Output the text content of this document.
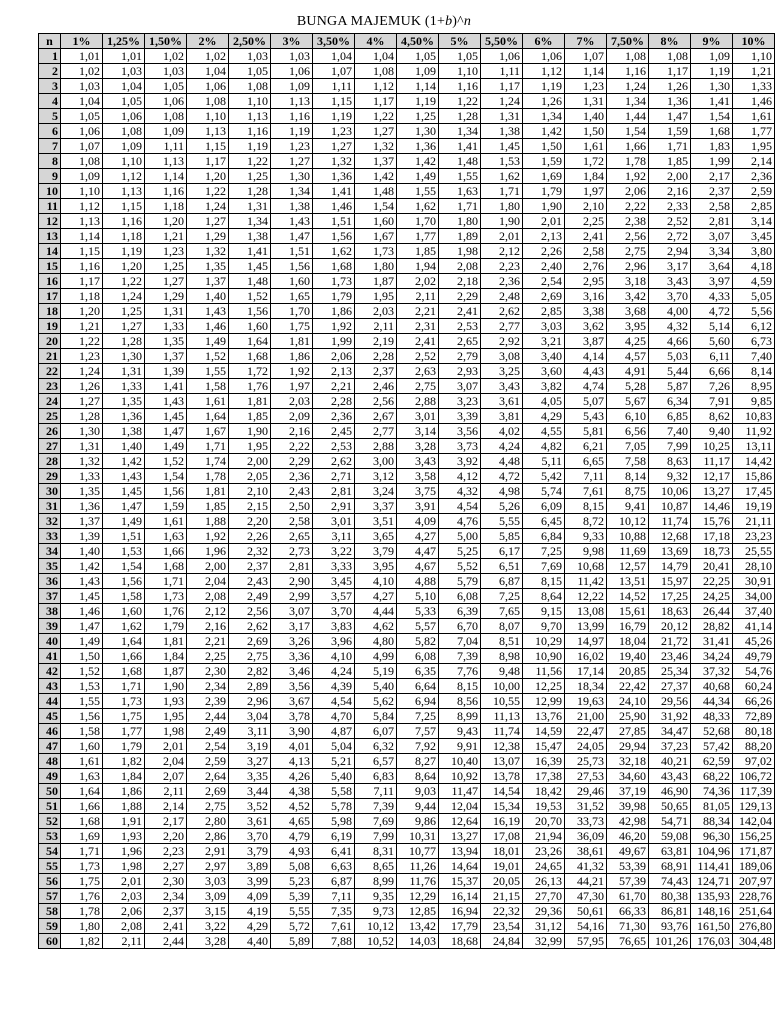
BUNGA MAJEMUK (1+b)^n
n	1%	1,25%	1,50%	2%	2,50%	3%	3,50%	4%	4,50%	5%	5,50%	6%	7%	7,50%	8%	9%	10%
1	1,01	1,01	1,02	1,02	1,03	1,03	1,04	1,04	1,05	1,05	1,06	1,06	1,07	1,08	1,08	1,09	1,10
2	1,02	1,03	1,03	1,04	1,05	1,06	1,07	1,08	1,09	1,10	1,11	1,12	1,14	1,16	1,17	1,19	1,21
3	1,03	1,04	1,05	1,06	1,08	1,09	1,11	1,12	1,14	1,16	1,17	1,19	1,23	1,24	1,26	1,30	1,33
4	1,04	1,05	1,06	1,08	1,10	1,13	1,15	1,17	1,19	1,22	1,24	1,26	1,31	1,34	1,36	1,41	1,46
5	1,05	1,06	1,08	1,10	1,13	1,16	1,19	1,22	1,25	1,28	1,31	1,34	1,40	1,44	1,47	1,54	1,61
6	1,06	1,08	1,09	1,13	1,16	1,19	1,23	1,27	1,30	1,34	1,38	1,42	1,50	1,54	1,59	1,68	1,77
7	1,07	1,09	1,11	1,15	1,19	1,23	1,27	1,32	1,36	1,41	1,45	1,50	1,61	1,66	1,71	1,83	1,95
8	1,08	1,10	1,13	1,17	1,22	1,27	1,32	1,37	1,42	1,48	1,53	1,59	1,72	1,78	1,85	1,99	2,14
9	1,09	1,12	1,14	1,20	1,25	1,30	1,36	1,42	1,49	1,55	1,62	1,69	1,84	1,92	2,00	2,17	2,36
10	1,10	1,13	1,16	1,22	1,28	1,34	1,41	1,48	1,55	1,63	1,71	1,79	1,97	2,06	2,16	2,37	2,59
11	1,12	1,15	1,18	1,24	1,31	1,38	1,46	1,54	1,62	1,71	1,80	1,90	2,10	2,22	2,33	2,58	2,85
12	1,13	1,16	1,20	1,27	1,34	1,43	1,51	1,60	1,70	1,80	1,90	2,01	2,25	2,38	2,52	2,81	3,14
13	1,14	1,18	1,21	1,29	1,38	1,47	1,56	1,67	1,77	1,89	2,01	2,13	2,41	2,56	2,72	3,07	3,45
14	1,15	1,19	1,23	1,32	1,41	1,51	1,62	1,73	1,85	1,98	2,12	2,26	2,58	2,75	2,94	3,34	3,80
15	1,16	1,20	1,25	1,35	1,45	1,56	1,68	1,80	1,94	2,08	2,23	2,40	2,76	2,96	3,17	3,64	4,18
16	1,17	1,22	1,27	1,37	1,48	1,60	1,73	1,87	2,02	2,18	2,36	2,54	2,95	3,18	3,43	3,97	4,59
17	1,18	1,24	1,29	1,40	1,52	1,65	1,79	1,95	2,11	2,29	2,48	2,69	3,16	3,42	3,70	4,33	5,05
18	1,20	1,25	1,31	1,43	1,56	1,70	1,86	2,03	2,21	2,41	2,62	2,85	3,38	3,68	4,00	4,72	5,56
19	1,21	1,27	1,33	1,46	1,60	1,75	1,92	2,11	2,31	2,53	2,77	3,03	3,62	3,95	4,32	5,14	6,12
20	1,22	1,28	1,35	1,49	1,64	1,81	1,99	2,19	2,41	2,65	2,92	3,21	3,87	4,25	4,66	5,60	6,73
21	1,23	1,30	1,37	1,52	1,68	1,86	2,06	2,28	2,52	2,79	3,08	3,40	4,14	4,57	5,03	6,11	7,40
22	1,24	1,31	1,39	1,55	1,72	1,92	2,13	2,37	2,63	2,93	3,25	3,60	4,43	4,91	5,44	6,66	8,14
23	1,26	1,33	1,41	1,58	1,76	1,97	2,21	2,46	2,75	3,07	3,43	3,82	4,74	5,28	5,87	7,26	8,95
24	1,27	1,35	1,43	1,61	1,81	2,03	2,28	2,56	2,88	3,23	3,61	4,05	5,07	5,67	6,34	7,91	9,85
25	1,28	1,36	1,45	1,64	1,85	2,09	2,36	2,67	3,01	3,39	3,81	4,29	5,43	6,10	6,85	8,62	10,83
26	1,30	1,38	1,47	1,67	1,90	2,16	2,45	2,77	3,14	3,56	4,02	4,55	5,81	6,56	7,40	9,40	11,92
27	1,31	1,40	1,49	1,71	1,95	2,22	2,53	2,88	3,28	3,73	4,24	4,82	6,21	7,05	7,99	10,25	13,11
28	1,32	1,42	1,52	1,74	2,00	2,29	2,62	3,00	3,43	3,92	4,48	5,11	6,65	7,58	8,63	11,17	14,42
29	1,33	1,43	1,54	1,78	2,05	2,36	2,71	3,12	3,58	4,12	4,72	5,42	7,11	8,14	9,32	12,17	15,86
30	1,35	1,45	1,56	1,81	2,10	2,43	2,81	3,24	3,75	4,32	4,98	5,74	7,61	8,75	10,06	13,27	17,45
31	1,36	1,47	1,59	1,85	2,15	2,50	2,91	3,37	3,91	4,54	5,26	6,09	8,15	9,41	10,87	14,46	19,19
32	1,37	1,49	1,61	1,88	2,20	2,58	3,01	3,51	4,09	4,76	5,55	6,45	8,72	10,12	11,74	15,76	21,11
33	1,39	1,51	1,63	1,92	2,26	2,65	3,11	3,65	4,27	5,00	5,85	6,84	9,33	10,88	12,68	17,18	23,23
34	1,40	1,53	1,66	1,96	2,32	2,73	3,22	3,79	4,47	5,25	6,17	7,25	9,98	11,69	13,69	18,73	25,55
35	1,42	1,54	1,68	2,00	2,37	2,81	3,33	3,95	4,67	5,52	6,51	7,69	10,68	12,57	14,79	20,41	28,10
36	1,43	1,56	1,71	2,04	2,43	2,90	3,45	4,10	4,88	5,79	6,87	8,15	11,42	13,51	15,97	22,25	30,91
37	1,45	1,58	1,73	2,08	2,49	2,99	3,57	4,27	5,10	6,08	7,25	8,64	12,22	14,52	17,25	24,25	34,00
38	1,46	1,60	1,76	2,12	2,56	3,07	3,70	4,44	5,33	6,39	7,65	9,15	13,08	15,61	18,63	26,44	37,40
39	1,47	1,62	1,79	2,16	2,62	3,17	3,83	4,62	5,57	6,70	8,07	9,70	13,99	16,79	20,12	28,82	41,14
40	1,49	1,64	1,81	2,21	2,69	3,26	3,96	4,80	5,82	7,04	8,51	10,29	14,97	18,04	21,72	31,41	45,26
41	1,50	1,66	1,84	2,25	2,75	3,36	4,10	4,99	6,08	7,39	8,98	10,90	16,02	19,40	23,46	34,24	49,79
42	1,52	1,68	1,87	2,30	2,82	3,46	4,24	5,19	6,35	7,76	9,48	11,56	17,14	20,85	25,34	37,32	54,76
43	1,53	1,71	1,90	2,34	2,89	3,56	4,39	5,40	6,64	8,15	10,00	12,25	18,34	22,42	27,37	40,68	60,24
44	1,55	1,73	1,93	2,39	2,96	3,67	4,54	5,62	6,94	8,56	10,55	12,99	19,63	24,10	29,56	44,34	66,26
45	1,56	1,75	1,95	2,44	3,04	3,78	4,70	5,84	7,25	8,99	11,13	13,76	21,00	25,90	31,92	48,33	72,89
46	1,58	1,77	1,98	2,49	3,11	3,90	4,87	6,07	7,57	9,43	11,74	14,59	22,47	27,85	34,47	52,68	80,18
47	1,60	1,79	2,01	2,54	3,19	4,01	5,04	6,32	7,92	9,91	12,38	15,47	24,05	29,94	37,23	57,42	88,20
48	1,61	1,82	2,04	2,59	3,27	4,13	5,21	6,57	8,27	10,40	13,07	16,39	25,73	32,18	40,21	62,59	97,02
49	1,63	1,84	2,07	2,64	3,35	4,26	5,40	6,83	8,64	10,92	13,78	17,38	27,53	34,60	43,43	68,22	106,72
50	1,64	1,86	2,11	2,69	3,44	4,38	5,58	7,11	9,03	11,47	14,54	18,42	29,46	37,19	46,90	74,36	117,39
51	1,66	1,88	2,14	2,75	3,52	4,52	5,78	7,39	9,44	12,04	15,34	19,53	31,52	39,98	50,65	81,05	129,13
52	1,68	1,91	2,17	2,80	3,61	4,65	5,98	7,69	9,86	12,64	16,19	20,70	33,73	42,98	54,71	88,34	142,04
53	1,69	1,93	2,20	2,86	3,70	4,79	6,19	7,99	10,31	13,27	17,08	21,94	36,09	46,20	59,08	96,30	156,25
54	1,71	1,96	2,23	2,91	3,79	4,93	6,41	8,31	10,77	13,94	18,01	23,26	38,61	49,67	63,81	104,96	171,87
55	1,73	1,98	2,27	2,97	3,89	5,08	6,63	8,65	11,26	14,64	19,01	24,65	41,32	53,39	68,91	114,41	189,06
56	1,75	2,01	2,30	3,03	3,99	5,23	6,87	8,99	11,76	15,37	20,05	26,13	44,21	57,39	74,43	124,71	207,97
57	1,76	2,03	2,34	3,09	4,09	5,39	7,11	9,35	12,29	16,14	21,15	27,70	47,30	61,70	80,38	135,93	228,76
58	1,78	2,06	2,37	3,15	4,19	5,55	7,35	9,73	12,85	16,94	22,32	29,36	50,61	66,33	86,81	148,16	251,64
59	1,80	2,08	2,41	3,22	4,29	5,72	7,61	10,12	13,42	17,79	23,54	31,12	54,16	71,30	93,76	161,50	276,80
60	1,82	2,11	2,44	3,28	4,40	5,89	7,88	10,52	14,03	18,68	24,84	32,99	57,95	76,65	101,26	176,03	304,48
